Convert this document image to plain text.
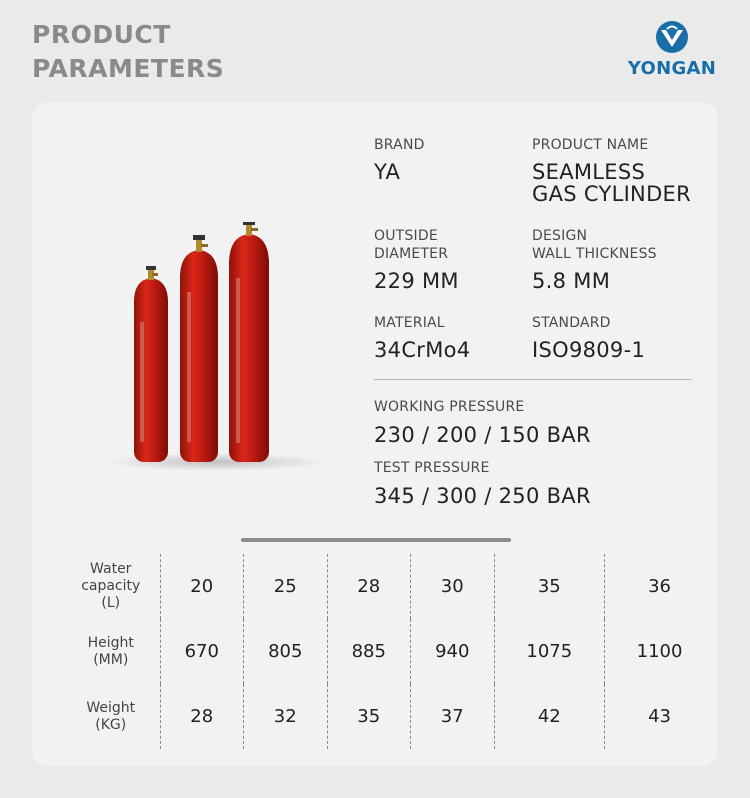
PRODUCT
PARAMETERS	YONGAN
BRAND
YA
PRODUCT NAME
SEAMLESS
GAS CYLINDER
OUTSIDE
DIAMETER
229 MM
DESIGN
WALL THICKNESS
5.8 MM
MATERIAL
34CrMo4
STANDARD
ISO9809-1
WORKING PRESSURE
230 / 200 / 150 BAR
TEST PRESSURE
345 / 300 / 250 BAR
Water
capacity
(L)	20	25	28	30	35	36
Height
(MM)	670	805	885	940	1075	1100
Weight
(KG)	28	32	35	37	42	43
